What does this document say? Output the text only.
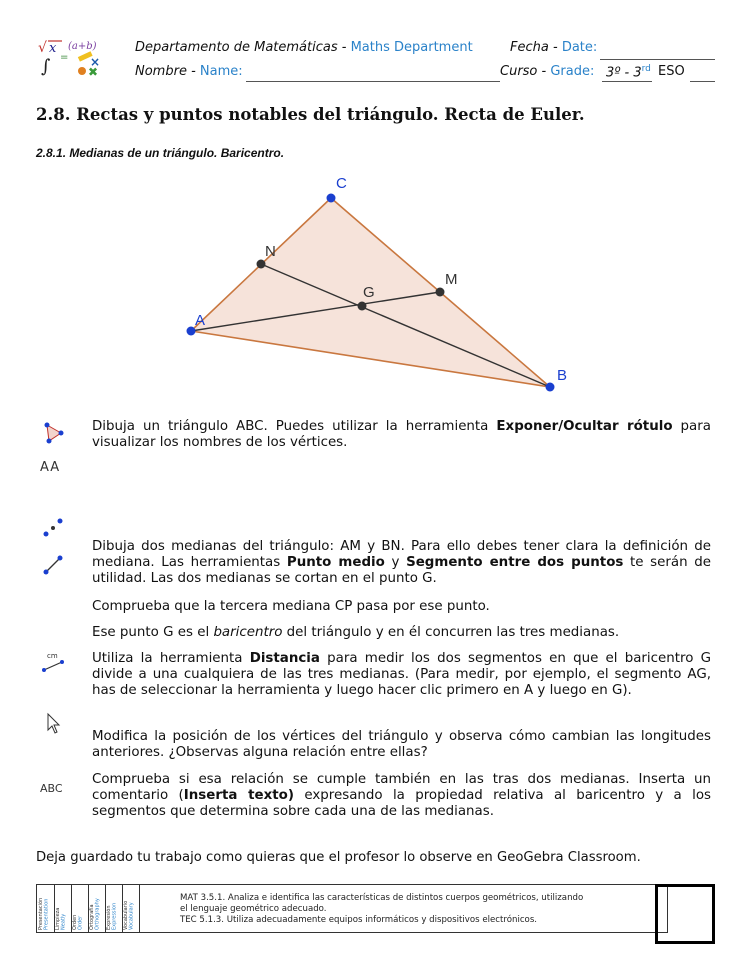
√ x (a+b)
=
∫	×
✖
Departamento de Matemáticas - Maths Department	Fecha - Date:
Nombre - Name:	Curso - Grade: 3º - 3rd ESO
2.8. Rectas y puntos notables del triángulo. Recta de Euler.
2.8.1. Medianas de un triángulo. Baricentro.
A
B
C
N
M
G
AA
cm
ABC
Dibuja un triángulo ABC. Puedes utilizar la herramienta Exponer/Ocultar rótulo para visualizar los nombres de los vértices.
Dibuja dos medianas del triángulo: AM y BN. Para ello debes tener clara la definición de mediana. Las herramientas Punto medio y Segmento entre dos puntos te serán de utilidad. Las dos medianas se cortan en el punto G.
Comprueba que la tercera mediana CP pasa por ese punto.
Ese punto G es el baricentro del triángulo y en él concurren las tres medianas.
Utiliza la herramienta Distancia para medir los dos segmentos en que el baricentro G divide a una cualquiera de las tres medianas. (Para medir, por ejemplo, el segmento AG, has de seleccionar la herramienta y luego hacer clic primero en A y luego en G).
Modifica la posición de los vértices del triángulo y observa cómo cambian las longitudes anteriores. ¿Observas alguna relación entre ellas?
Comprueba si esa relación se cumple también en las tras dos medianas. Inserta un comentario (Inserta texto) expresando la propiedad relativa al baricentro y a los segmentos que determina sobre cada una de las medianas.
Deja guardado tu trabajo como quieras que el profesor lo observe en GeoGebra Classroom.
Presentación
Presentation Limpieza
Neatly Orden
Order Ortografía
Orthography Expresión
Expression Vocabulario
Vocabulary
MAT 3.5.1. Analiza e identifica las características de distintos cuerpos geométricos, utilizando
el lenguaje geométrico adecuado.
TEC 5.1.3. Utiliza adecuadamente equipos informáticos y dispositivos electrónicos.
